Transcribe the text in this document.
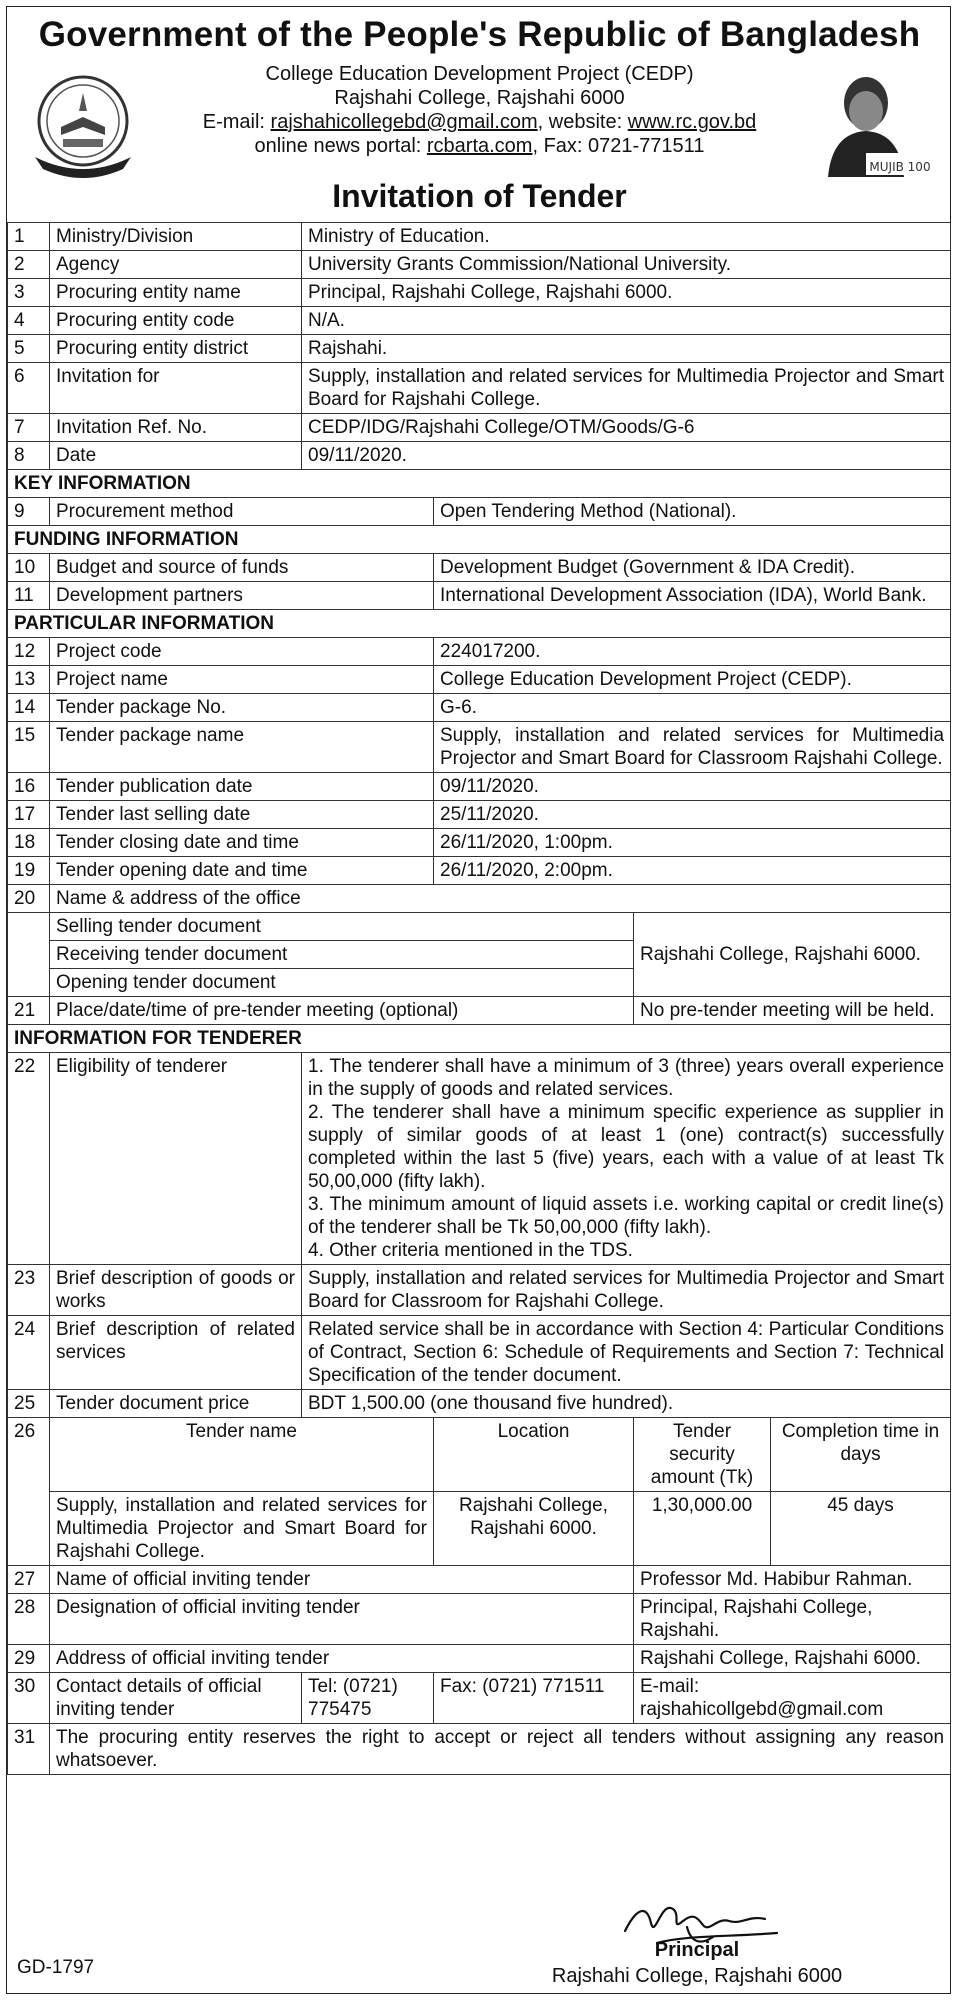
Government of the People's Republic of Bangladesh
College Education Development Project (CEDP)
Rajshahi College, Rajshahi 6000
E-mail: rajshahicollegebd@gmail.com, website: www.rc.gov.bd
online news portal: rcbarta.com, Fax: 0721-771511
MUJIB 100
Invitation of Tender
1	Ministry/Division	Ministry of Education.			
2	Agency	University Grants Commission/National University.			
3	Procuring entity name	Principal, Rajshahi College, Rajshahi 6000.			
4	Procuring entity code	N/A.			
5	Procuring entity district	Rajshahi.			
6	Invitation for	Supply, installation and related services for Multimedia Projector and Smart Board for Rajshahi College.			
7	Invitation Ref. No.	CEDP/IDG/Rajshahi College/OTM/Goods/G-6			
8	Date	09/11/2020.			
KEY INFORMATION					
9	Procurement method		Open Tendering Method (National).		
FUNDING INFORMATION					
10	Budget and source of funds		Development Budget (Government & IDA Credit).		
11	Development partners		International Development Association (IDA), World Bank.		
PARTICULAR INFORMATION					
12	Project code		224017200.		
13	Project name		College Education Development Project (CEDP).		
14	Tender package No.		G-6.		
15	Tender package name		Supply, installation and related services for Multimedia Projector and Smart Board for Classroom Rajshahi College.		
16	Tender publication date		09/11/2020.		
17	Tender last selling date		25/11/2020.		
18	Tender closing date and time		26/11/2020, 1:00pm.		
19	Tender opening date and time		26/11/2020, 2:00pm.		
20	Name & address of the office				
	Selling tender document			Rajshahi College, Rajshahi 6000.	
	Receiving tender document				
	Opening tender document				
21	Place/date/time of pre-tender meeting (optional)			No pre-tender meeting will be held.	
INFORMATION FOR TENDERER					
22	Eligibility of tenderer	1. The tenderer shall have a minimum of 3 (three) years overall experience in the supply of goods and related services.
2. The tenderer shall have a minimum specific experience as supplier in supply of similar goods of at least 1 (one) contract(s) successfully completed within the last 5 (five) years, each with a value of at least Tk 50,00,000 (fifty lakh).
3. The minimum amount of liquid assets i.e. working capital or credit line(s) of the tenderer shall be Tk 50,00,000 (fifty lakh).
4. Other criteria mentioned in the TDS.			

23	Brief description of goods or works	Supply, installation and related services for Multimedia Projector and Smart Board for Classroom for Rajshahi College.			
24	Brief description of related services	Related service shall be in accordance with Section 4: Particular Conditions of Contract, Section 6: Schedule of Requirements and Section 7: Technical Specification of the tender document.			
25	Tender document price	BDT 1,500.00 (one thousand five hundred).			
26	Tender name		Location	Tender security amount (Tk)	Completion time in days
	Supply, installation and related services for Multimedia Projector and Smart Board for Rajshahi College.		Rajshahi College, Rajshahi 6000.	1,30,000.00	45 days
27	Name of official inviting tender			Professor Md. Habibur Rahman.	
28	Designation of official inviting tender			Principal, Rajshahi College, Rajshahi.	
29	Address of official inviting tender			Rajshahi College, Rajshahi 6000.	
30	Contact details of official inviting tender	Tel: (0721) 775475	Fax: (0721) 771511	E-mail: rajshahicollgebd@gmail.com	
31	The procuring entity reserves the right to accept or reject all tenders without assigning any reason whatsoever.				
GD-1797
Principal
Rajshahi College, Rajshahi 6000
